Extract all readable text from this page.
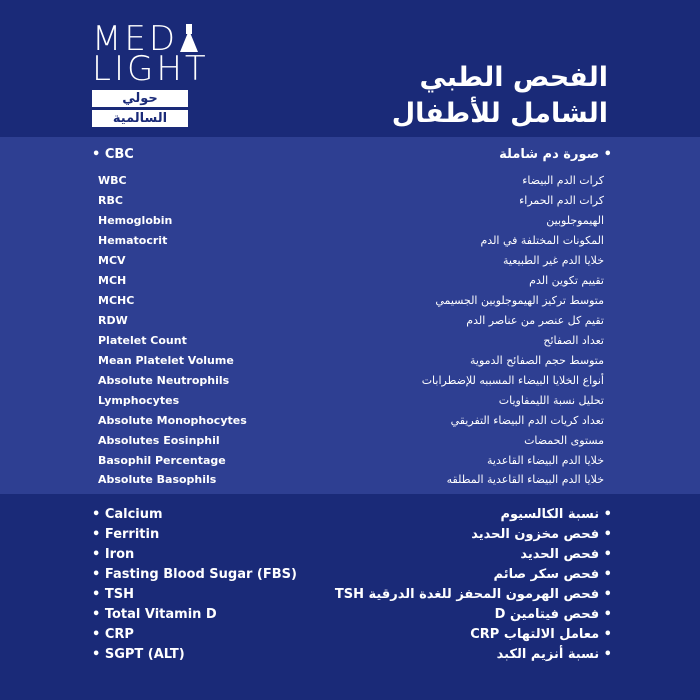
MED
LIGHT
حولي
السالمية
الفحص الطبي
الشامل للأطفال
• CBC	• صورة دم شاملة
WBC	كرات الدم البيضاء
RBC	كرات الدم الحمراء
Hemoglobin	الهيموجلوبين
Hematocrit	المكونات المختلفة في الدم
MCV	خلايا الدم غير الطبيعية
MCH	تقييم تكوين الدم
MCHC	متوسط تركيز الهيموجلوبين الجسيمي
RDW	تقيم كل عنصر من عناصر الدم
Platelet Count	تعداد الصفائح
Mean Platelet Volume	متوسط حجم الصفائح الدموية
Absolute Neutrophils	أنواع الخلايا البيضاء المسببه للإضطرابات
Lymphocytes	تحليل نسبة الليمفاويات
Absolute Monophocytes	تعداد كريات الدم البيضاء التفريقي
Absolutes Eosinphil	مستوى الحمضات
Basophil Percentage	خلايا الدم البيضاء القاعدية
Absolute Basophils	خلايا الدم البيضاء القاعدية المطلقه
• Calcium	• نسبة الكالسيوم
• Ferritin	• فحص مخزون الحديد
• Iron	• فحص الحديد
• Fasting Blood Sugar (FBS)	• فحص سكر صائم
• TSH	• فحص الهرمون المحفز للغدة الدرقية TSH
• Total Vitamin D	• فحص فيتامين D
• CRP	• معامل الالتهاب CRP
• SGPT (ALT)	• نسبة أنزيم الكبد
